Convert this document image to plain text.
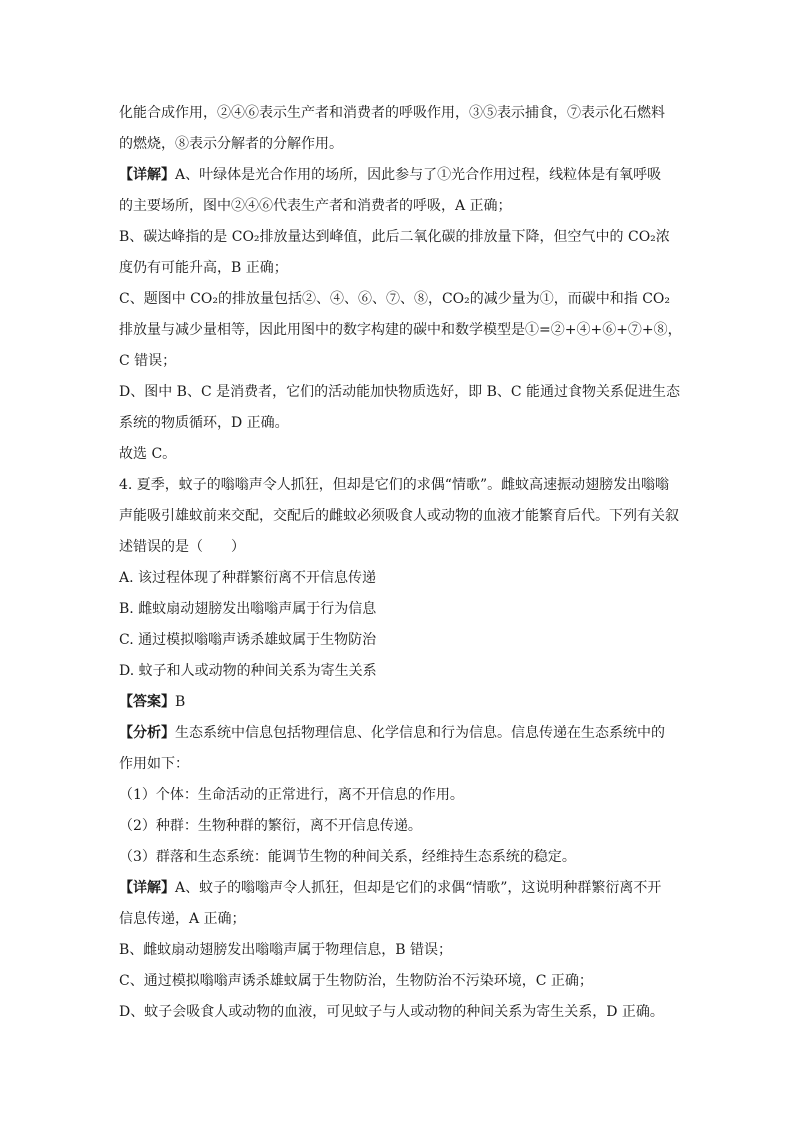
化能合成作用，②④⑥表示生产者和消费者的呼吸作用，③⑤表示捕食，⑦表示化石燃料
的燃烧，⑧表示分解者的分解作用。
【详解】A、叶绿体是光合作用的场所，因此参与了①光合作用过程，线粒体是有氧呼吸
的主要场所，图中②④⑥代表生产者和消费者的呼吸，A 正确；
B、碳达峰指的是 CO₂排放量达到峰值，此后二氧化碳的排放量下降，但空气中的 CO₂浓
度仍有可能升高，B 正确；
C、题图中 CO₂的排放量包括②、④、⑥、⑦、⑧，CO₂的减少量为①，而碳中和指 CO₂
排放量与减少量相等，因此用图中的数字构建的碳中和数学模型是①=②+④+⑥+⑦+⑧，
C 错误；
D、图中 B、C 是消费者，它们的活动能加快物质选好，即 B、C 能通过食物关系促进生态
系统的物质循环，D 正确。
故选 C。
4. 夏季，蚊子的嗡嗡声令人抓狂，但却是它们的求偶“情歌”。雌蚊高速振动翅膀发出嗡嗡
声能吸引雄蚊前来交配，交配后的雌蚊必须吸食人或动物的血液才能繁育后代。下列有关叙
述错误的是（　　）
A. 该过程体现了种群繁衍离不开信息传递
B. 雌蚊扇动翅膀发出嗡嗡声属于行为信息
C. 通过模拟嗡嗡声诱杀雄蚊属于生物防治
D. 蚊子和人或动物的种间关系为寄生关系
【答案】B
【分析】生态系统中信息包括物理信息、化学信息和行为信息。信息传递在生态系统中的
作用如下：
（1）个体：生命活动的正常进行，离不开信息的作用。
（2）种群：生物种群的繁衍，离不开信息传递。
（3）群落和生态系统：能调节生物的种间关系，经维持生态系统的稳定。
【详解】A、蚊子的嗡嗡声令人抓狂，但却是它们的求偶“情歌”，这说明种群繁衍离不开
信息传递，A 正确；
B、雌蚊扇动翅膀发出嗡嗡声属于物理信息，B 错误；
C、通过模拟嗡嗡声诱杀雄蚊属于生物防治，生物防治不污染环境，C 正确；
D、蚊子会吸食人或动物的血液，可见蚊子与人或动物的种间关系为寄生关系，D 正确。
